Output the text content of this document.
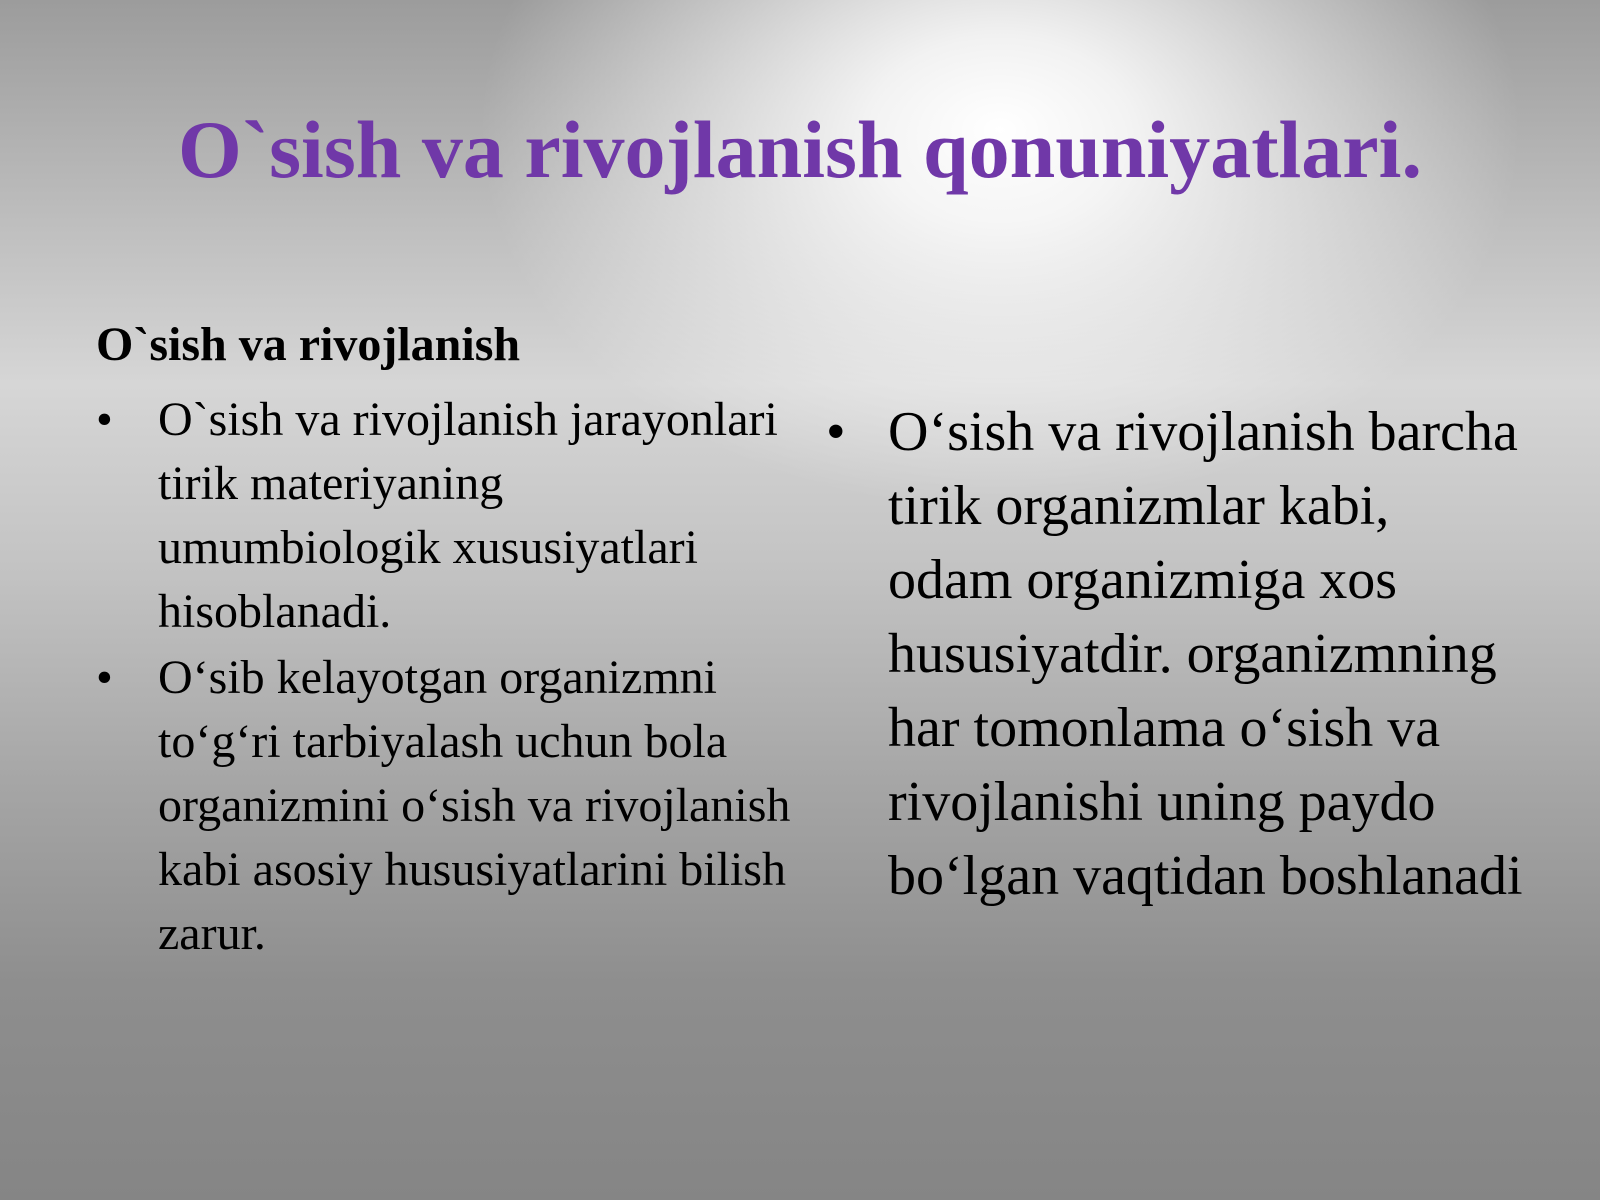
O`sish va rivojlanish qonuniyatlari.
O`sish va rivojlanish
• O`sish va rivojlanish jarayonlari tirik materiyaning umumbiologik xususiyatlari hisoblanadi.
• O‘sib kelayotgan organizmni to‘g‘ri tarbiyalash uchun bola organizmini o‘sish va rivojlanish kabi asosiy hususiyatlarini bilish zarur.
• O‘sish va rivojlanish barcha tirik organizmlar kabi, odam organizmiga xos hususiyatdir. organizmning har tomonlama o‘sish va rivojlanishi uning paydo bo‘lgan vaqtidan boshlanadi
